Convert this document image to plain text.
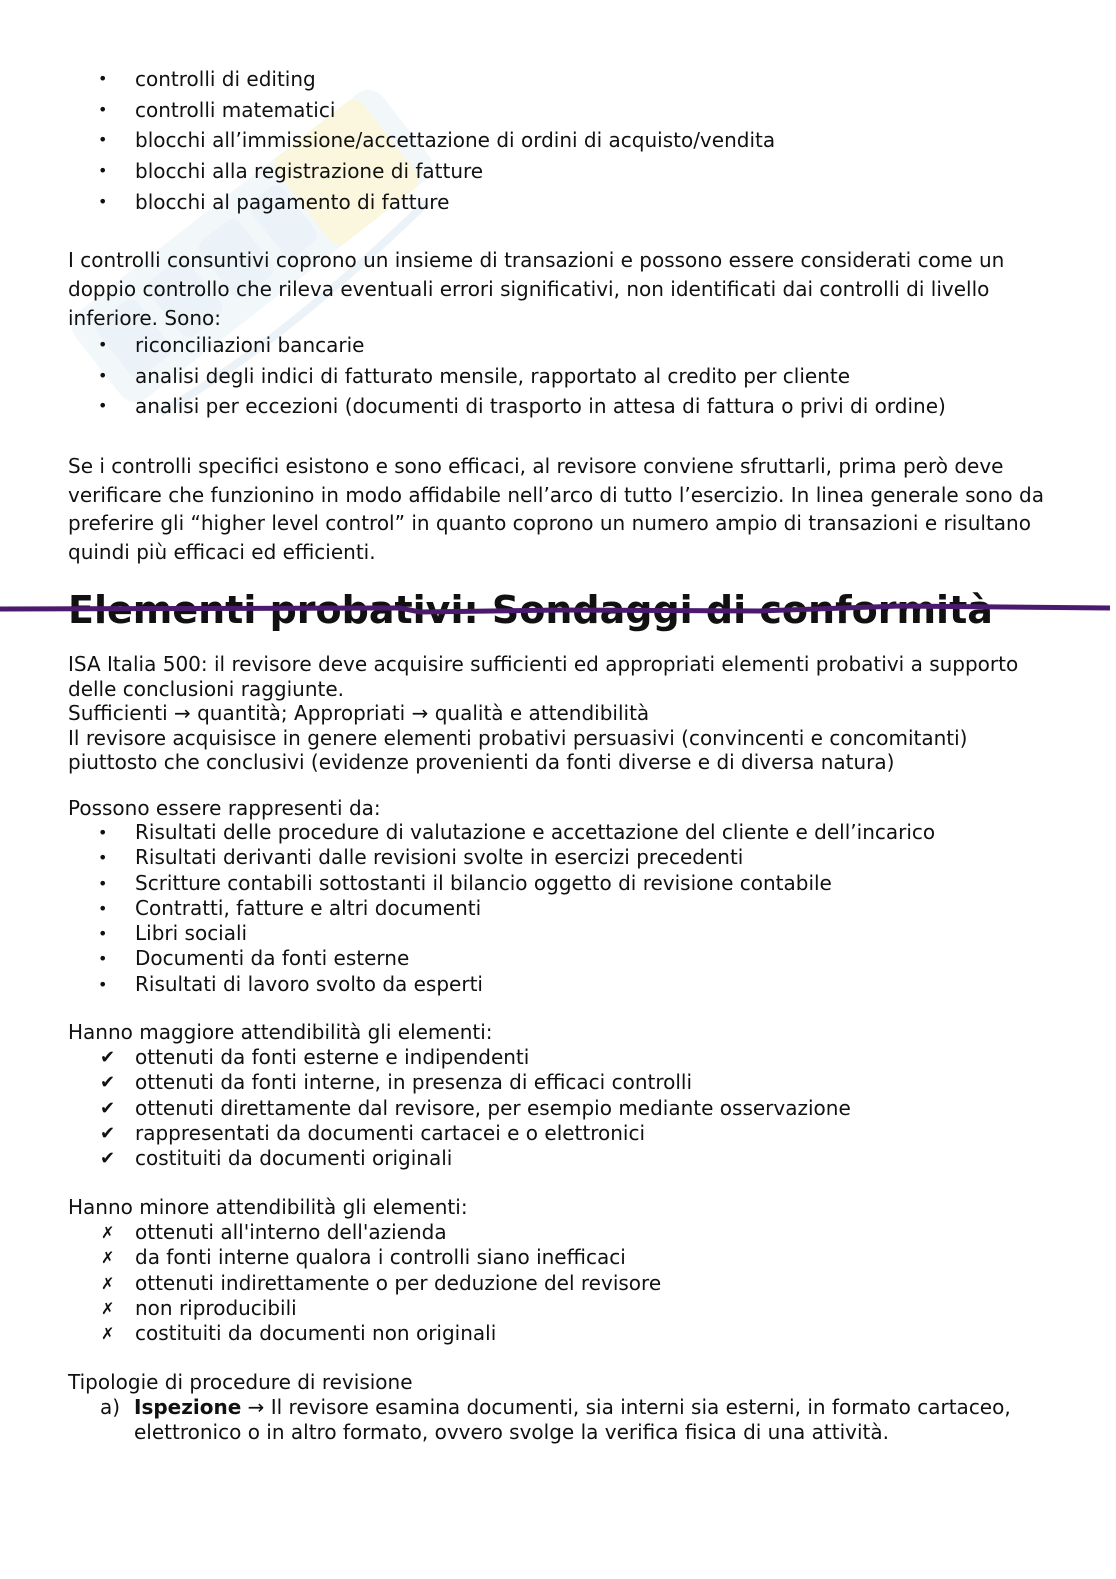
• controlli di editing
• controlli matematici
• blocchi all’immissione/accettazione di ordini di acquisto/vendita
• blocchi alla registrazione di fatture
• blocchi al pagamento di fatture

I controlli consuntivi coprono un insieme di transazioni e possono essere considerati come un doppio controllo che rileva eventuali errori significativi, non identificati dai controlli di livello inferiore. Sono:

• riconciliazioni bancarie
• analisi degli indici di fatturato mensile, rapportato al credito per cliente
• analisi per eccezioni (documenti di trasporto in attesa di fattura o privi di ordine)

Se i controlli specifici esistono e sono efficaci, al revisore conviene sfruttarli, prima però deve verificare che funzionino in modo affidabile nell’arco di tutto l’esercizio. In linea generale sono da preferire gli “higher level control” in quanto coprono un numero ampio di transazioni e risultano quindi più efficaci ed efficienti.

Elementi probativi: Sondaggi di conformità

ISA Italia 500: il revisore deve acquisire sufficienti ed appropriati elementi probativi a supporto delle conclusioni raggiunte.
Sufficienti → quantità; Appropriati → qualità e attendibilità
Il revisore acquisisce in genere elementi probativi persuasivi (convincenti e concomitanti) piuttosto che conclusivi (evidenze provenienti da fonti diverse e di diversa natura)

Possono essere rappresenti da:

• Risultati delle procedure di valutazione e accettazione del cliente e dell’incarico
• Risultati derivanti dalle revisioni svolte in esercizi precedenti
• Scritture contabili sottostanti il bilancio oggetto di revisione contabile
• Contratti, fatture e altri documenti
• Libri sociali
• Documenti da fonti esterne
• Risultati di lavoro svolto da esperti

Hanno maggiore attendibilità gli elementi:

✔ ottenuti da fonti esterne e indipendenti
✔ ottenuti da fonti interne, in presenza di efficaci controlli
✔ ottenuti direttamente dal revisore, per esempio mediante osservazione
✔ rappresentati da documenti cartacei e o elettronici
✔ costituiti da documenti originali

Hanno minore attendibilità gli elementi:

✗ ottenuti all'interno dell'azienda
✗ da fonti interne qualora i controlli siano inefficaci
✗ ottenuti indirettamente o per deduzione del revisore
✗ non riproducibili
✗ costituiti da documenti non originali

Tipologie di procedure di revisione

a) Ispezione → Il revisore esamina documenti, sia interni sia esterni, in formato cartaceo, elettronico o in altro formato, ovvero svolge la verifica fisica di una attività.
